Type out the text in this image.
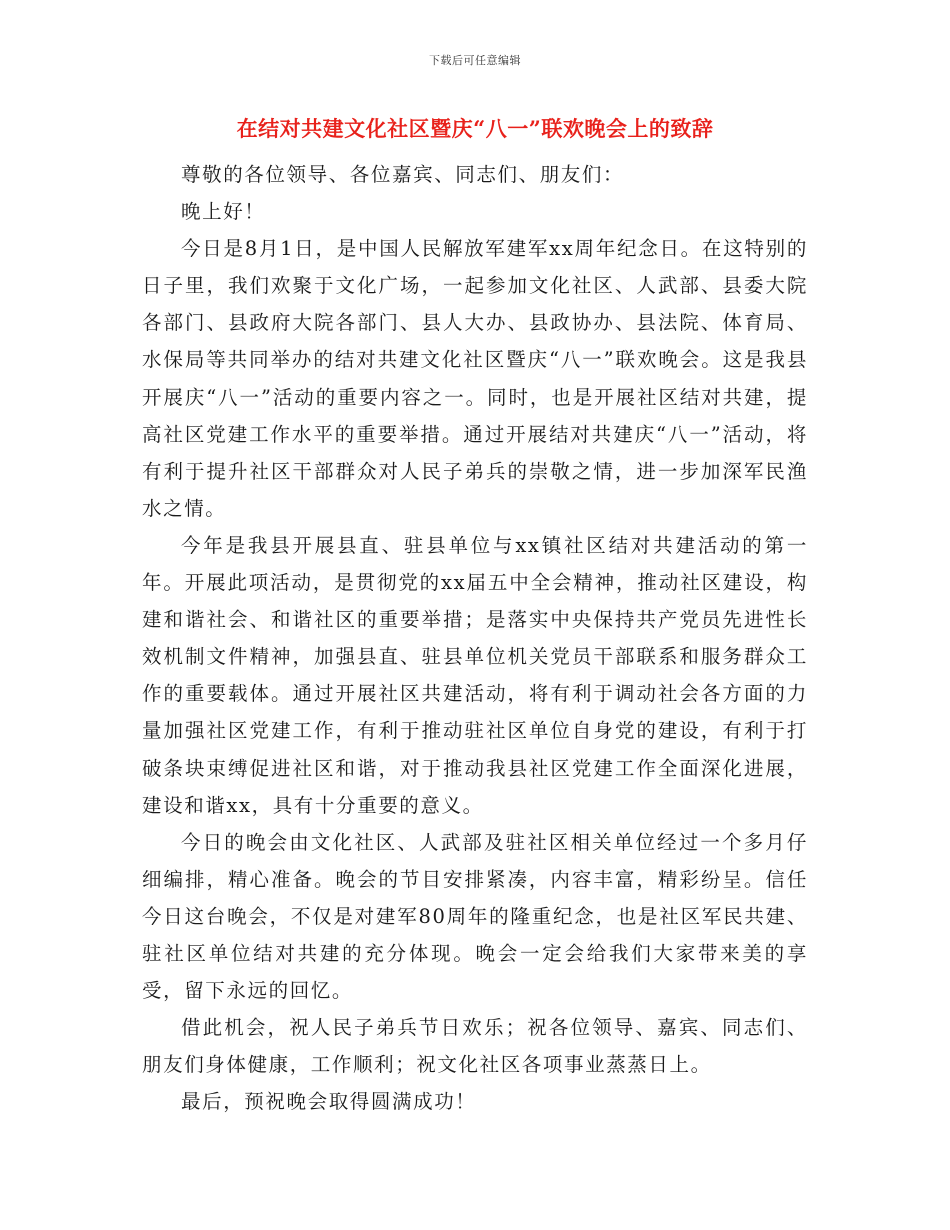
下载后可任意编辑
在结对共建文化社区暨庆“八一”联欢晚会上的致辞

尊敬的各位领导、各位嘉宾、同志们、朋友们：

晚上好！

今日是8月1日，是中国人民解放军建军xx周年纪念日。在这特别的日子里，我们欢聚于文化广场，一起参加文化社区、人武部、县委大院各部门、县政府大院各部门、县人大办、县政协办、县法院、体育局、水保局等共同举办的结对共建文化社区暨庆“八一”联欢晚会。这是我县开展庆“八一”活动的重要内容之一。同时，也是开展社区结对共建，提高社区党建工作水平的重要举措。通过开展结对共建庆“八一”活动，将有利于提升社区干部群众对人民子弟兵的崇敬之情，进一步加深军民渔水之情。

今年是我县开展县直、驻县单位与xx镇社区结对共建活动的第一年。开展此项活动，是贯彻党的xx届五中全会精神，推动社区建设，构建和谐社会、和谐社区的重要举措；是落实中央保持共产党员先进性长效机制文件精神，加强县直、驻县单位机关党员干部联系和服务群众工作的重要载体。通过开展社区共建活动，将有利于调动社会各方面的力量加强社区党建工作，有利于推动驻社区单位自身党的建设，有利于打破条块束缚促进社区和谐，对于推动我县社区党建工作全面深化进展，建设和谐xx，具有十分重要的意义。

今日的晚会由文化社区、人武部及驻社区相关单位经过一个多月仔细编排，精心准备。晚会的节目安排紧凑，内容丰富，精彩纷呈。信任今日这台晚会，不仅是对建军80周年的隆重纪念，也是社区军民共建、驻社区单位结对共建的充分体现。晚会一定会给我们大家带来美的享受，留下永远的回忆。

借此机会，祝人民子弟兵节日欢乐；祝各位领导、嘉宾、同志们、朋友们身体健康，工作顺利；祝文化社区各项事业蒸蒸日上。

最后，预祝晚会取得圆满成功！
